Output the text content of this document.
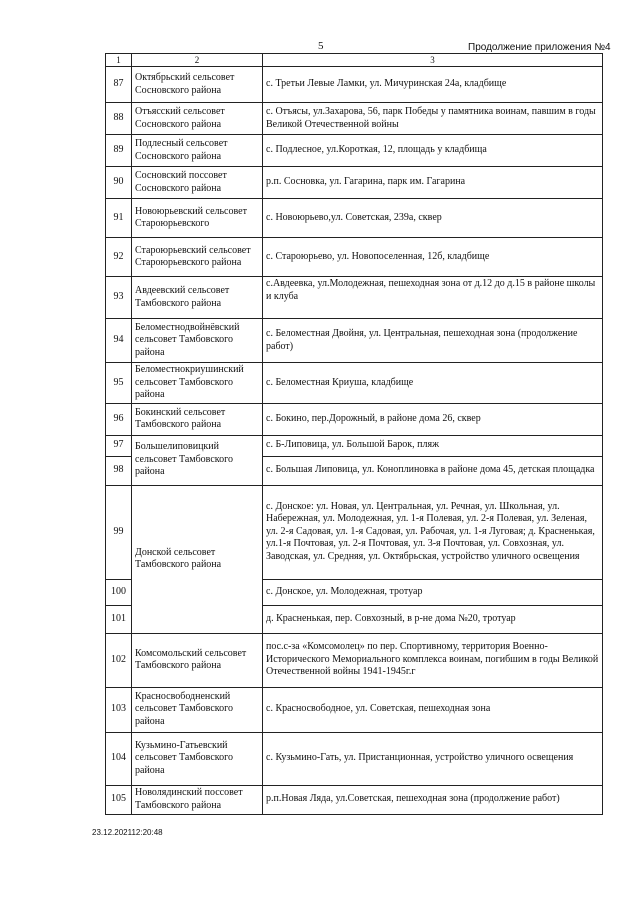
5	Продолжение приложения №4
1	2	3
87	Октябрьский сельсовет Сосновского района	с. Третьи Левые Ламки, ул. Мичуринская 24а, кладбище
88	Отъясский сельсовет Сосновского района	с. Отъясы, ул.Захарова, 56, парк Победы у памятника воинам, павшим в годы Великой Отечественной войны
89	Подлесный сельсовет Сосновского района	с. Подлесное, ул.Короткая, 12, площадь у кладбища
90	Сосновский поссовет Сосновского района	р.п. Сосновка, ул. Гагарина, парк им. Гагарина
91	Новоюрьевский сельсовет Староюрьевского	с. Новоюрьево,ул. Советская, 239а, сквер
92	Староюрьевский сельсовет Староюрьевского района	с. Староюрьево, ул. Новопоселенная, 12б, кладбище
93	Авдеевский сельсовет Тамбовского района	с.Авдеевка, ул.Молодежная, пешеходная зона от д.12 до д.15 в районе школы и клуба
94	Беломестнодвойнёвский сельсовет Тамбовского района	с. Беломестная Двойня, ул. Центральная, пешеходная зона (продолжение работ)
95	Беломестнокриушинский сельсовет Тамбовского района	с. Беломестная Криуша, кладбище
96	Бокинский сельсовет Тамбовского района	с. Бокино, пер.Дорожный, в районе дома 26, сквер
97	Большелиповицкий сельсовет Тамбовского района	с. Б-Липовица, ул. Большой Барок, пляж
98		с. Большая Липовица, ул. Коноплиновка в районе дома 45, детская площадка
99	Донской сельсовет Тамбовского района	с. Донское: ул. Новая, ул. Центральная, ул. Речная, ул. Школьная, ул. Набережная, ул. Молодежная, ул. 1-я Полевая, ул. 2-я Полевая, ул. Зеленая, ул. 2-я Садовая, ул. 1-я Садовая, ул. Рабочая, ул. 1-я Луговая; д. Красненькая, ул.1-я Почтовая, ул. 2-я Почтовая, ул. 3-я Почтовая, ул. Совхозная, ул. Заводская, ул. Средняя, ул. Октябрьская, устройство уличного освещения
100		с. Донское, ул. Молодежная, тротуар
101		д. Красненькая, пер. Совхозный, в р-не дома №20, тротуар
102	Комсомольский сельсовет Тамбовского района	пос.с-за «Комсомолец» по пер. Спортивному, территория Военно-Исторического Мемориального комплекса воинам, погибшим в годы Великой Отечественной войны 1941-1945г.г
103	Красносвободненский сельсовет Тамбовского района	с. Красносвободное, ул. Советская, пешеходная зона
104	Кузьмино-Гатьевский сельсовет Тамбовского района	с. Кузьмино-Гать, ул. Пристанционная, устройство уличного освещения
105	Новолядинский поссовет Тамбовского района	р.п.Новая Ляда, ул.Советская, пешеходная зона (продолжение работ)
23.12.202112:20:48
